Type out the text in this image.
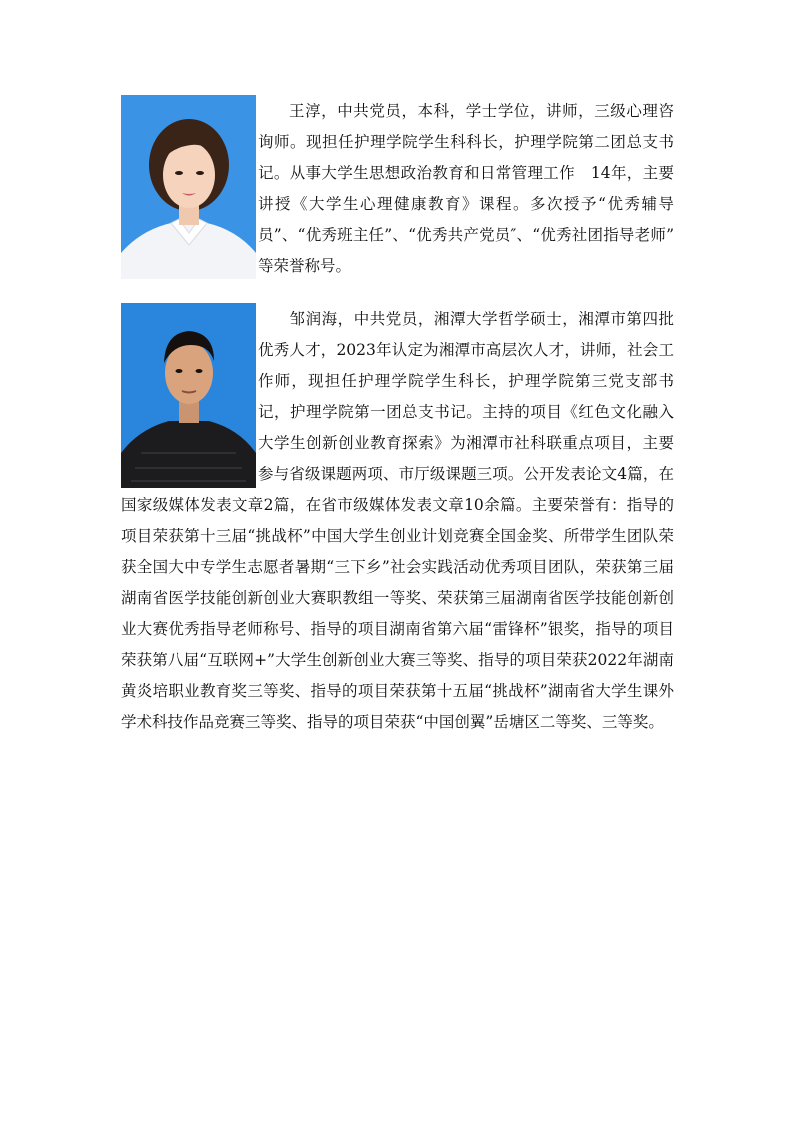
王淳，中共党员，本科，学士学位，讲师，三级心理咨询师。现担任护理学院学生科科长，护理学院第二团总支书记。从事大学生思想政治教育和日常管理工作　14年，主要讲授《大学生心理健康教育》课程。多次授予“优秀辅导员”、“优秀班主任”、“优秀共产党员″、“优秀社团指导老师”　等荣誉称号。

邹润海，中共党员，湘潭大学哲学硕士，湘潭市第四批优秀人才，2023年认定为湘潭市高层次人才，讲师，社会工作师，现担任护理学院学生科长，护理学院第三党支部书记，护理学院第一团总支书记。主持的项目《红色文化融入大学生创新创业教育探索》为湘潭市社科联重点项目，主要参与省级课题两项、市厅级课题三项。公开发表论文4篇，在国家级媒体发表文章2篇，在省市级媒体发表文章10余篇。主要荣誉有：指导的项目荣获第十三届“挑战杯”中国大学生创业计划竞赛全国金奖、所带学生团队荣获全国大中专学生志愿者暑期“三下乡”社会实践活动优秀项目团队，荣获第三届湖南省医学技能创新创业大赛职教组一等奖、荣获第三届湖南省医学技能创新创业大赛优秀指导老师称号、指导的项目湖南省第六届“雷锋杯”银奖，指导的项目荣获第八届“互联网+”大学生创新创业大赛三等奖、指导的项目荣获2022年湖南黄炎培职业教育奖三等奖、指导的项目荣获第十五届“挑战杯”湖南省大学生课外学术科技作品竞赛三等奖、指导的项目荣获“中国创翼”岳塘区二等奖、三等奖。
